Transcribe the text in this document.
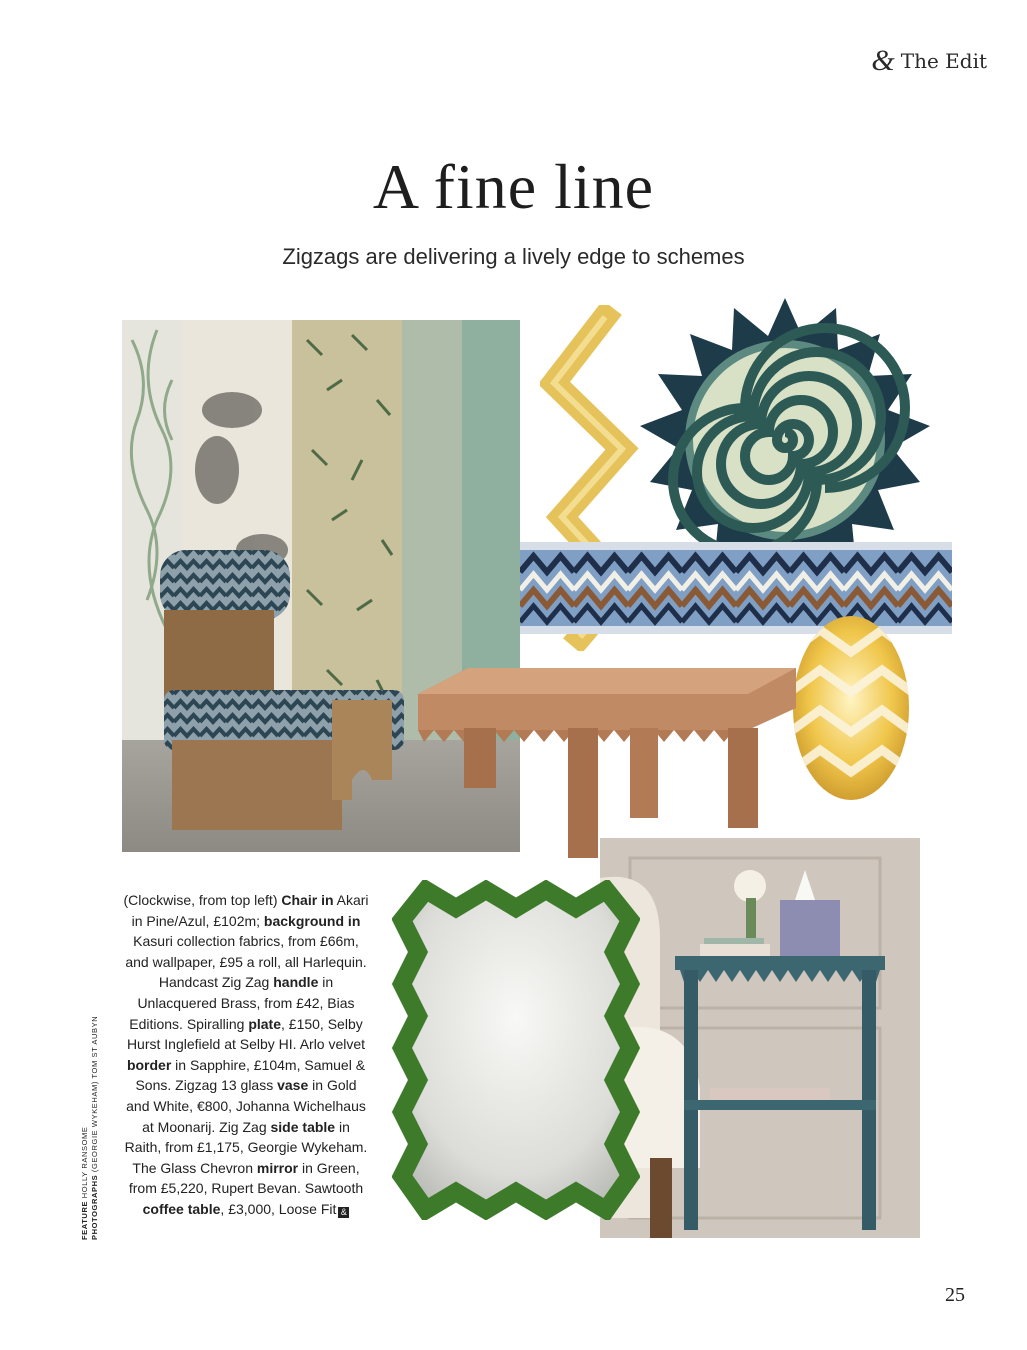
& The Edit
A fine line
Zigzags are delivering a lively edge to schemes
(Clockwise, from top left) Chair in Akari in Pine/Azul, £102m; background in Kasuri collection fabrics, from £66m, and wallpaper, £95 a roll, all Harlequin. Handcast Zig Zag handle in Unlacquered Brass, from £42, Bias Editions. Spiralling plate, £150, Selby Hurst Inglefield at Selby HI. Arlo velvet border in Sapphire, £104m, Samuel & Sons. Zigzag 13 glass vase in Gold and White, €800, Johanna Wichelhaus at Moonarij. Zig Zag side table in Raith, from £1,175, Georgie Wykeham. The Glass Chevron mirror in Green, from £5,220, Rupert Bevan. Sawtooth coffee table, £3,000, Loose Fit &
FEATURE HOLLY RANSOME
PHOTOGRAPHS (GEORGIE WYKEHAM) TOM ST AUBYN
25
